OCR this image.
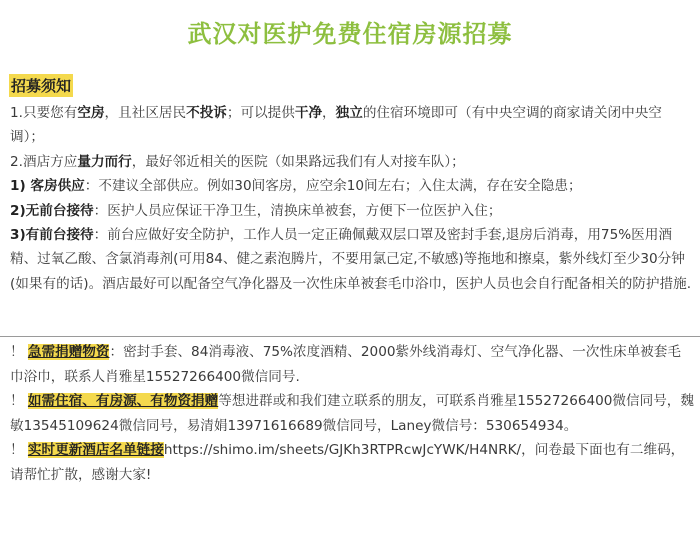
武汉对医护免费住宿房源招募
招募须知

1.只要您有空房，且社区居民不投诉；可以提供干净，独立的住宿环境即可（有中央空调的商家请关闭中央空调）；

2.酒店方应量力而行，最好邻近相关的医院（如果路远我们有人对接车队）；

1) 客房供应：不建议全部供应。例如30间客房，应空余10间左右；入住太满，存在安全隐患；

2)无前台接待：医护人员应保证干净卫生，清换床单被套，方便下一位医护入住；

3)有前台接待：前台应做好安全防护，工作人员一定正确佩戴双层口罩及密封手套,退房后消毒，用75%医用酒精、过氧乙酸、含氯消毒剂(可用84、健之素泡腾片，不要用氯己定,不敏感)等拖地和擦桌，紫外线灯至少30分钟(如果有的话)。酒店最好可以配备空气净化器及一次性床单被套毛巾浴巾，医护人员也会自行配备相关的防护措施.

！ 急需捐赠物资：密封手套、84消毒液、75%浓度酒精、2000紫外线消毒灯、空气净化器、一次性床单被套毛巾浴巾，联系人肖雅星15527266400微信同号.

！ 如需住宿、有房源、有物资捐赠等想进群或和我们建立联系的朋友，可联系肖雅星15527266400微信同号，魏敏13545109624微信同号，易清娟13971616689微信同号，Laney微信号：530654934。

！ 实时更新酒店名单链接https://shimo.im/sheets/GJKh3RTPRcwJcYWK/H4NRK/，问卷最下面也有二维码，请帮忙扩散，感谢大家!
